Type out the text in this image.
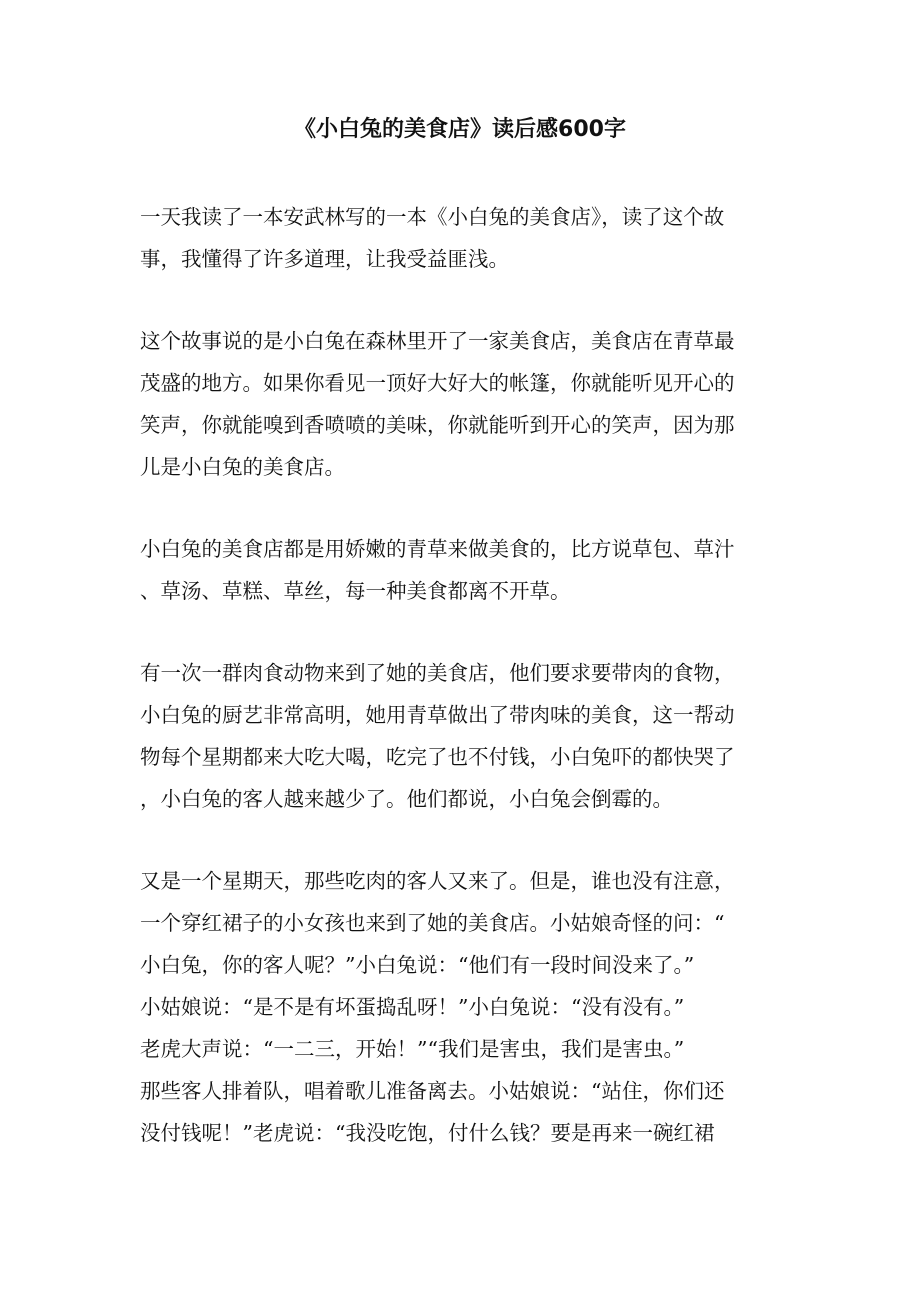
《小白兔的美食店》读后感600字
一天我读了一本安武林写的一本《小白兔的美食店》，读了这个故
事，我懂得了许多道理，让我受益匪浅。
这个故事说的是小白兔在森林里开了一家美食店，美食店在青草最
茂盛的地方。如果你看见一顶好大好大的帐篷，你就能听见开心的
笑声，你就能嗅到香喷喷的美味，你就能听到开心的笑声，因为那
儿是小白兔的美食店。
小白兔的美食店都是用娇嫩的青草来做美食的，比方说草包、草汁
、草汤、草糕、草丝，每一种美食都离不开草。
有一次一群肉食动物来到了她的美食店，他们要求要带肉的食物，
小白兔的厨艺非常高明，她用青草做出了带肉味的美食，这一帮动
物每个星期都来大吃大喝，吃完了也不付钱，小白兔吓的都快哭了
，小白兔的客人越来越少了。他们都说，小白兔会倒霉的。
又是一个星期天，那些吃肉的客人又来了。但是，谁也没有注意，
一个穿红裙子的小女孩也来到了她的美食店。小姑娘奇怪的问：“
小白兔，你的客人呢？”小白兔说：“他们有一段时间没来了。”
小姑娘说：“是不是有坏蛋捣乱呀！”小白兔说：“没有没有。”
老虎大声说：“一二三，开始！”“我们是害虫，我们是害虫。”
那些客人排着队，唱着歌儿准备离去。小姑娘说：“站住，你们还
没付钱呢！”老虎说：“我没吃饱，付什么钱？要是再来一碗红裙
